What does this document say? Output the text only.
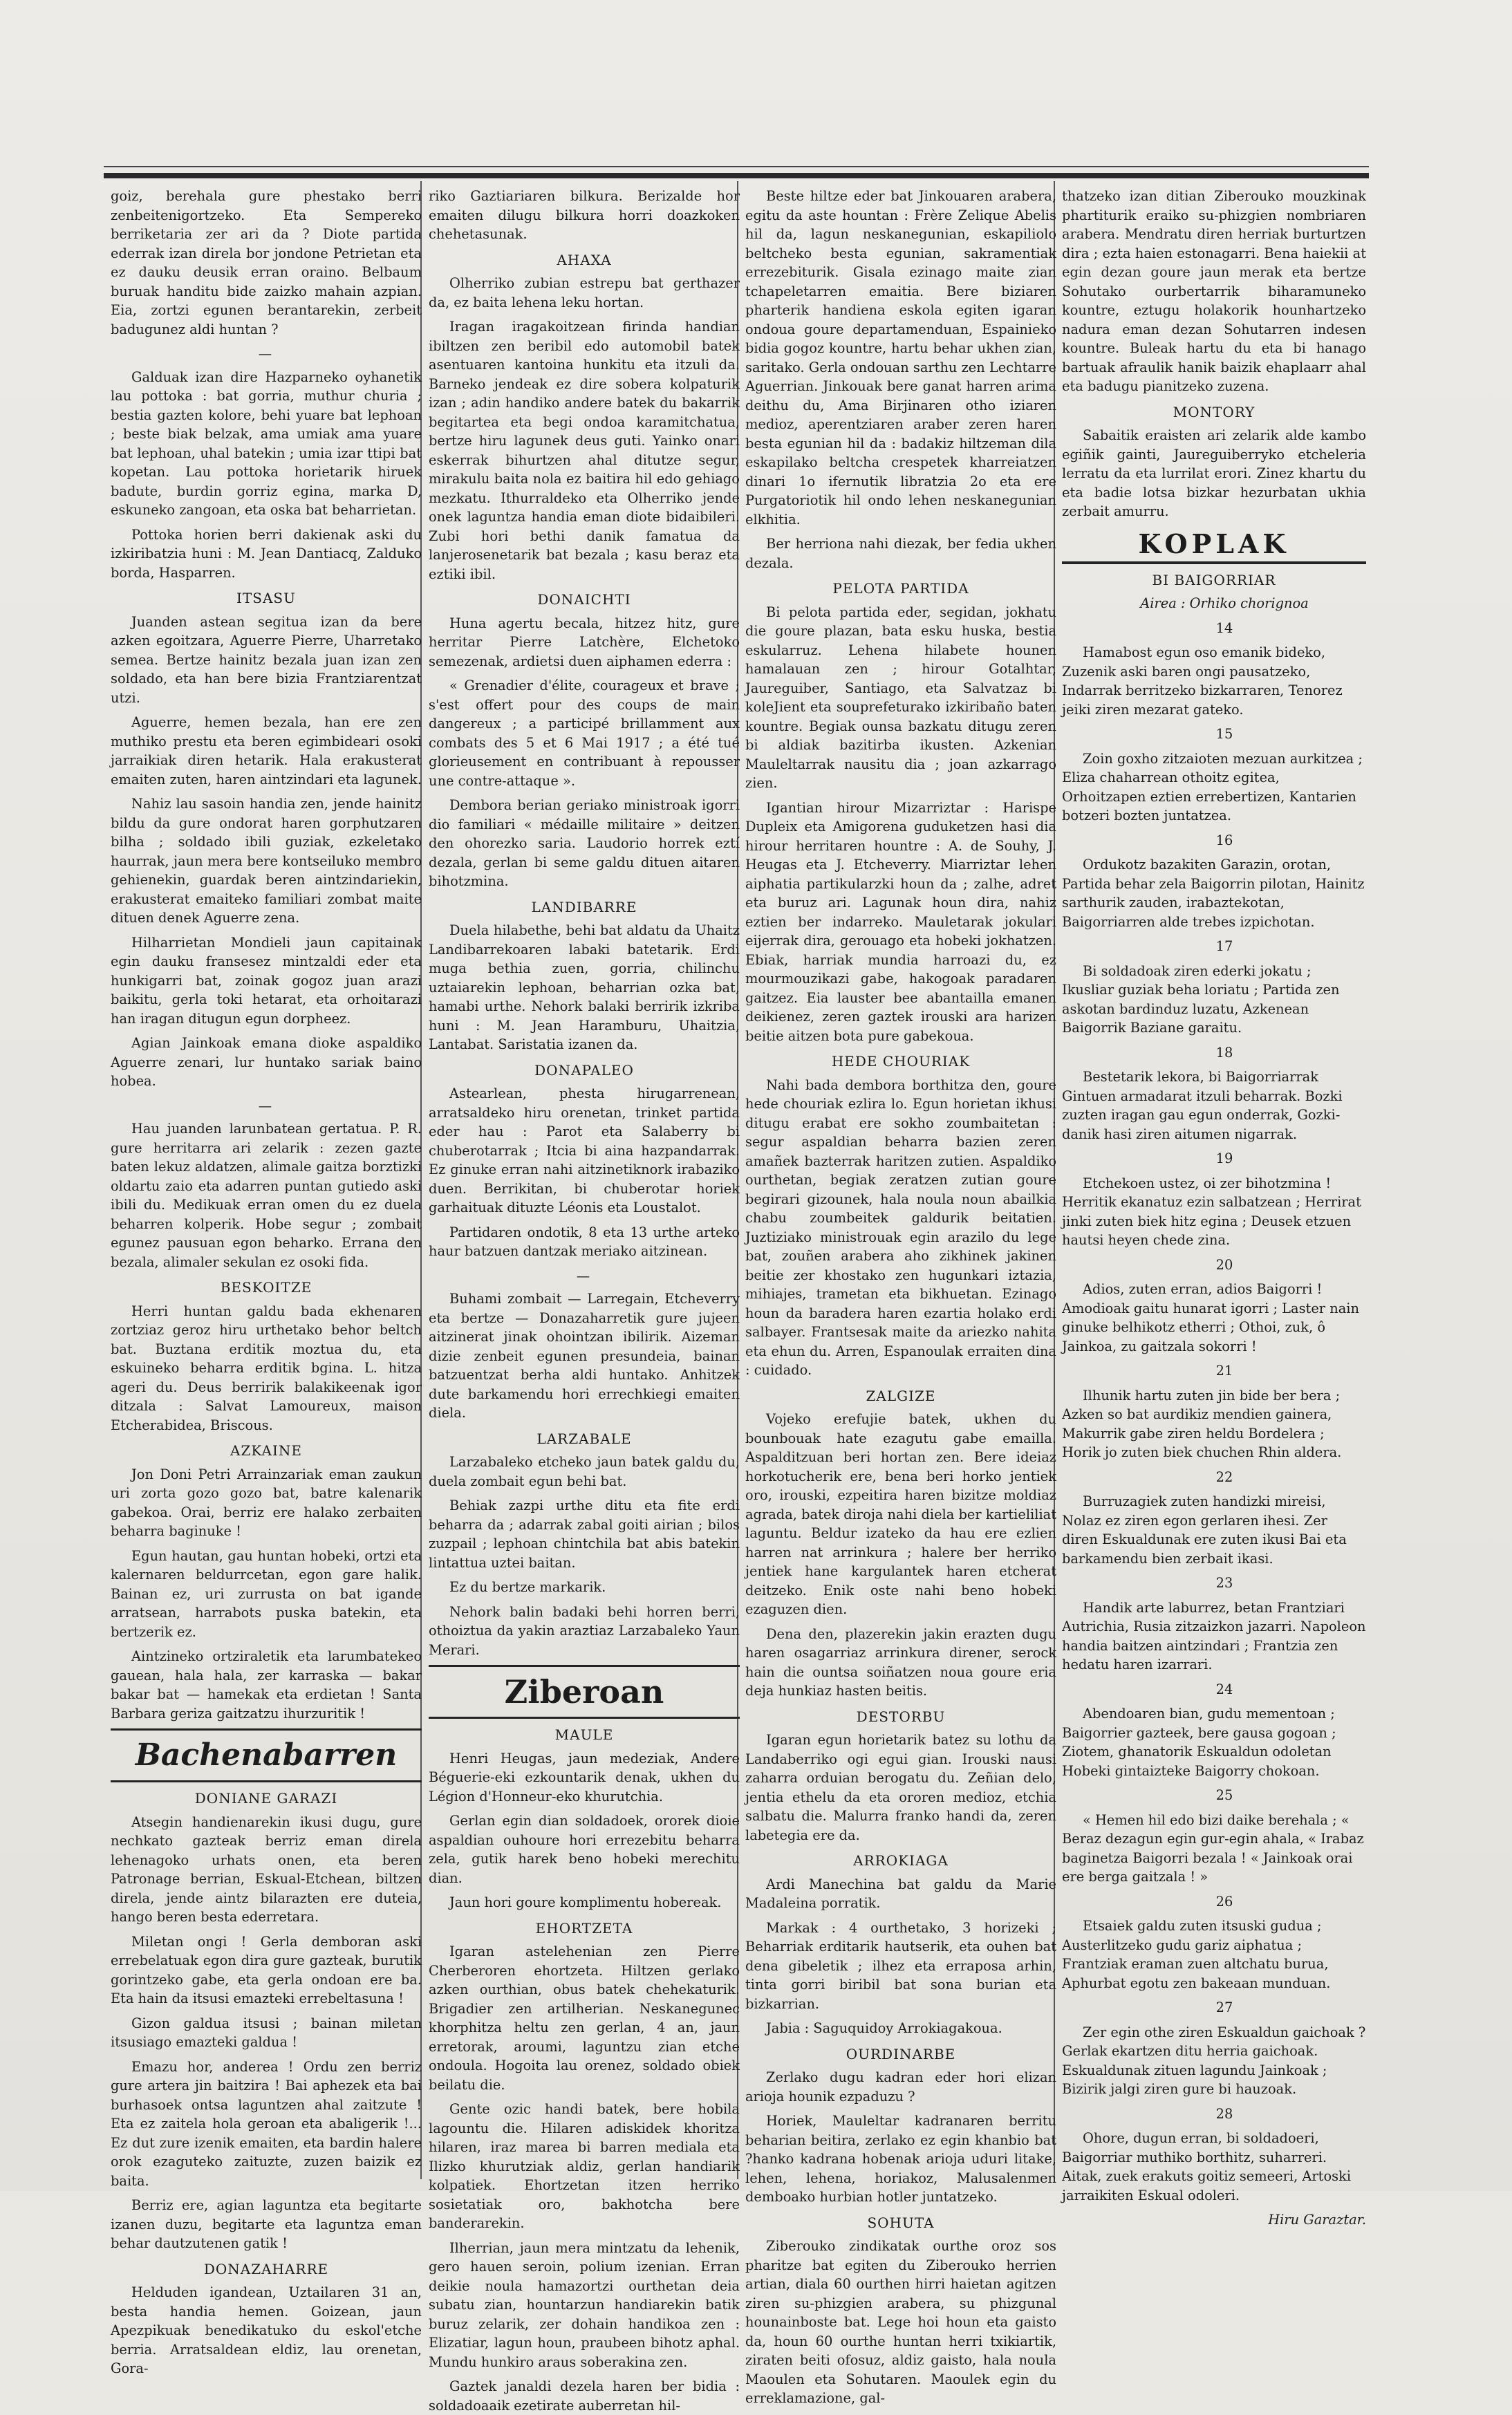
goiz, berehala gure phestako berri zenbeitenigortzeko. Eta Sempereko berriketaria zer ari da ? Diote partida ederrak izan direla bor jondone Petrietan eta ez dauku deusik erran oraino. Belbaum buruak handitu bide zaizko mahain azpian. Eia, zortzi egunen berantarekin, zerbeit badugunez aldi huntan ?

—

Galduak izan dire Hazparneko oyhanetik lau pottoka : bat gorria, muthur churia ; bestia gazten kolore, behi yuare bat lephoan ; beste biak belzak, ama umiak ama yuare bat lephoan, uhal batekin ; umia izar ttipi bat kopetan. Lau pottoka horietarik hiruek badute, burdin gorriz egina, marka D, eskuneko zangoan, eta oska bat beharrietan.

Pottoka horien berri dakienak aski du izkiribatzia huni : M. Jean Dantiacq, Zalduko borda, Hasparren.

ITSASU

Juanden astean segitua izan da bere azken egoitzara, Aguerre Pierre, Uharretako semea. Bertze hainitz bezala juan izan zen soldado, eta han bere bizia Frantziarentzat utzi.

Aguerre, hemen bezala, han ere zen muthiko prestu eta beren egimbideari osoki jarraikiak diren hetarik. Hala erakusterat emaiten zuten, haren aintzindari eta lagunek.

Nahiz lau sasoin handia zen, jende hainitz bildu da gure ondorat haren gorphutzaren bilha ; soldado ibili guziak, ezkeletako haurrak, jaun mera bere kontseiluko membro gehienekin, guardak beren aintzindariekin, erakusterat emaiteko familiari zombat maite dituen denek Aguerre zena.

Hilharrietan Mondieli jaun capitainak egin dauku fransesez mintzaldi eder eta hunkigarri bat, zoinak gogoz juan arazi baikitu, gerla toki hetarat, eta orhoitarazi han iragan ditugun egun dorpheez.

Agian Jainkoak emana dioke aspaldiko Aguerre zenari, lur huntako sariak baino hobea.

—

Hau juanden larunbatean gertatua. P. R. gure herritarra ari zelarik : zezen gazte baten lekuz aldatzen, alimale gaitza borztizki oldartu zaio eta adarren puntan gutiedo aski ibili du. Medikuak erran omen du ez duela beharren kolperik. Hobe segur ; zombait egunez pausuan egon beharko. Errana den bezala, alimaler sekulan ez osoki fida.

BESKOITZE

Herri huntan galdu bada ekhenaren zortziaz geroz hiru urthetako behor beltch bat. Buztana erditik moztua du, eta eskuineko beharra erditik bgina. L. hitza ageri du. Deus berririk balakikeenak igor ditzala : Salvat Lamoureux, maison Etcherabidea, Briscous.

AZKAINE

Jon Doni Petri Arrainzariak eman zaukun uri zorta gozo gozo bat, batre kalenarik gabekoa. Orai, berriz ere halako zerbaiten beharra baginuke !

Egun hautan, gau huntan hobeki, ortzi eta kalernaren beldurrcetan, egon gare halik. Bainan ez, uri zurrusta on bat igande arratsean, harrabots puska batekin, eta bertzerik ez.

Aintzineko ortziraletik eta larumbatekeo gauean, hala hala, zer karraska — bakar bakar bat — hamekak eta erdietan ! Santa Barbara geriza gaitzatzu ihurzuritik !

Bachenabarren
DONIANE GARAZI

Atsegin handienarekin ikusi dugu, gure nechkato gazteak berriz eman direla lehenagoko urhats onen, eta beren Patronage berrian, Eskual-Etchean, biltzen direla, jende aintz bilarazten ere duteia, hango beren besta ederretara.

Miletan ongi ! Gerla demboran aski errebelatuak egon dira gure gazteak, burutik gorintzeko gabe, eta gerla ondoan ere ba. Eta hain da itsusi emazteki errebeltasuna !

Gizon galdua itsusi ; bainan miletan itsusiago emazteki galdua !

Emazu hor, anderea ! Ordu zen berriz gure artera jin baitzira ! Bai aphezek eta bai burhasoek ontsa laguntzen ahal zaitzute ! Eta ez zaitela hola geroan eta abaligerik !... Ez dut zure izenik emaiten, eta bardin halere orok ezaguteko zaituzte, zuzen baizik ez baita.

Berriz ere, agian laguntza eta begitarte izanen duzu, begitarte eta laguntza eman behar dautzutenen gatik !

DONAZAHARRE

Helduden igandean, Uztailaren 31 an, besta handia hemen. Goizean, jaun Apezpikuak benedikatuko du eskol'etche berria. Arratsaldean eldiz, lau orenetan, Gora-

riko Gaztiariaren bilkura. Berizalde hor emaiten dilugu bilkura horri doazkoken chehetasunak.

AHAXA

Olherriko zubian estrepu bat gerthazer da, ez baita lehena leku hortan.

Iragan iragakoitzean firinda handian ibiltzen zen beribil edo automobil batek asentuaren kantoina hunkitu eta itzuli da. Barneko jendeak ez dire sobera kolpaturik izan ; adin handiko andere batek du bakarrik begitartea eta begi ondoa karamitchatua, bertze hiru lagunek deus guti. Yainko onari eskerrak bihurtzen ahal ditutze segur, mirakulu baita nola ez baitira hil edo gehiago mezkatu. Ithurraldeko eta Olherriko jende onek laguntza handia eman diote bidaibileri. Zubi hori bethi danik famatua da lanjerosenetarik bat bezala ; kasu beraz eta eztiki ibil.

DONAICHTI

Huna agertu becala, hitzez hitz, gure herritar Pierre Latchère, Elchetoko semezenak, ardietsi duen aiphamen ederra :

« Grenadier d'élite, courageux et brave ; s'est offert pour des coups de main dangereux ; a participé brillamment aux combats des 5 et 6 Mai 1917 ; a été tué glorieusement en contribuant à repousser une contre-attaque ».

Dembora berian geriako ministroak igorri dio familiari « médaille militaire » deitzen den ohorezko saria. Laudorio horrek eztí dezala, gerlan bi seme galdu dituen aitaren bihotzmina.

LANDIBARRE

Duela hilabethe, behi bat aldatu da Uhaitz Landibarrekoaren labaki batetarik. Erdi muga bethia zuen, gorria, chilinchu uztaiarekin lephoan, beharrian ozka bat, hamabi urthe. Nehork balaki berririk izkriba huni : M. Jean Haramburu, Uhaitzia, Lantabat. Saristatia izanen da.

DONAPALEO

Astearlean, phesta hirugarrenean, arratsaldeko hiru orenetan, trinket partida eder hau : Parot eta Salaberry bi chuberotarrak ; Itcia bi aina hazpandarrak. Ez ginuke erran nahi aitzinetiknork irabaziko duen. Berrikitan, bi chuberotar horiek garhaituak dituzte Léonis eta Loustalot.

Partidaren ondotik, 8 eta 13 urthe arteko haur batzuen dantzak meriako aitzinean.

—

Buhami zombait — Larregain, Etcheverry eta bertze — Donazaharretik gure jujeen aitzinerat jinak ohointzan ibilirik. Aizeman dizie zenbeit egunen presundeia, bainan batzuentzat berha aldi huntako. Anhitzek dute barkamendu hori errechkiegi emaiten diela.

LARZABALE

Larzabaleko etcheko jaun batek galdu du, duela zombait egun behi bat.

Behiak zazpi urthe ditu eta fite erdi beharra da ; adarrak zabal goiti airian ; bilos zuzpail ; lephoan chintchila bat abis batekin lintattua uztei baitan.

Ez du bertze markarik.

Nehork balin badaki behi horren berri, othoiztua da yakin araztiaz Larzabaleko Yaun Merari.

Ziberoan
MAULE

Henri Heugas, jaun medeziak, Andere Béguerie-eki ezkountarik denak, ukhen du Légion d'Honneur-eko khurutchia.

Gerlan egin dian soldadoek, ororek dioie aspaldian ouhoure hori errezebitu beharra zela, gutik harek beno hobeki merechitu dian.

Jaun hori goure komplimentu hobereak.

EHORTZETA

Igaran astelehenian zen Pierre Cherberoren ehortzeta. Hiltzen gerlako azken ourthian, obus batek chehekaturik. Brigadier zen artilherian. Neskanegunec khorphitza heltu zen gerlan, 4 an, jaun erretorak, aroumi, laguntzu zian etche ondoula. Hogoita lau orenez, soldado obiek beilatu die.

Gente ozic handi batek, bere hobila lagountu die. Hilaren adiskidek khoritza hilaren, iraz marea bi barren mediala eta Ilizko khurutziak aldiz, gerlan handiarik kolpatiek. Ehortzetan itzen herriko sosietatiak oro, bakhotcha bere banderarekin.

Ilherrian, jaun mera mintzatu da lehenik, gero hauen seroin, polium izenian. Erran deikie noula hamazortzi ourthetan deia subatu zian, hountarzun handiarekin batik buruz zelarik, zer dohain handikoa zen : Elizatiar, lagun houn, praubeen bihotz aphal. Mundu hunkiro araus soberakina zen.

Gaztek janaldi dezela haren ber bidia : soldadoaaik ezetirate auberretan hil-

Beste hiltze eder bat Jinkouaren arabera, egitu da aste hountan : Frère Zelique Abelis hil da, lagun neskanegunian, eskapiliolo beltcheko besta egunian, sakramentiak errezebiturik. Gisala ezinago maite zian tchapeletarren emaitia. Bere biziaren pharterik handiena eskola egiten igaran ondoua goure departamenduan, Espainieko bidia gogoz kountre, hartu behar ukhen zian, saritako. Gerla ondouan sarthu zen Lechtarre Aguerrian. Jinkouak bere ganat harren arima deithu du, Ama Birjinaren otho iziaren medioz, aperentziaren araber zeren haren besta egunian hil da : badakiz hiltzeman dila eskapilako beltcha crespetek kharreiatzen dinari 1o ifernutik libratzia 2o eta ere Purgatoriotik hil ondo lehen neskanegunian elkhitia.

Ber herriona nahi diezak, ber fedia ukhen dezala.

PELOTA PARTIDA

Bi pelota partida eder, segidan, jokhatu die goure plazan, bata esku huska, bestia eskularruz. Lehena hilabete hounen hamalauan zen ; hirour Gotalhtar, Jaureguiber, Santiago, eta Salvatzaz bi koleJient eta souprefeturako izkiribaño baten kountre. Begiak ounsa bazkatu ditugu zeren bi aldiak bazitirba ikusten. Azkenian Mauleltarrak nausitu dia ; joan azkarrago zien.

Igantian hirour Mizarriztar : Harispe Dupleix eta Amigorena guduketzen hasi dia hirour herritaren hountre : A. de Souhy, J. Heugas eta J. Etcheverry. Miarriztar lehen aiphatia partikularzki houn da ; zalhe, adret eta buruz ari. Lagunak houn dira, nahiz eztien ber indarreko. Mauletarak jokulari eijerrak dira, gerouago eta hobeki jokhatzen. Ebiak, harriak mundia harroazi du, ez mourmouzikazi gabe, hakogoak paradaren gaitzez. Eia lauster bee abantailla emanen deikienez, zeren gaztek irouski ara harizen beitie aitzen bota pure gabekoua.

HEDE CHOURIAK

Nahi bada dembora borthitza den, goure hede chouriak ezlira lo. Egun horietan ikhusi ditugu erabat ere sokho zoumbaitetan : segur aspaldian beharra bazien zeren amañek bazterrak haritzen zutien. Aspaldiko ourthetan, begiak zeratzen zutian goure begirari gizounek, hala noula noun abailkia chabu zoumbeitek galdurik beitatien. Juztiziako ministrouak egin arazilo du lege bat, zouñen arabera aho zikhinek jakinen beitie zer khostako zen hugunkari iztazia, mihiajes, trametan eta bikhuetan. Ezinago houn da baradera haren ezartia holako erdi salbayer. Frantsesak maite da ariezko nahita eta ehun du. Arren, Espanoulak erraiten dina : cuidado.

ZALGIZE

Vojeko erefujie batek, ukhen du bounbouak hate ezagutu gabe emailla. Aspalditzuan beri hortan zen. Bere ideiaz horkotucherik ere, bena beri horko jentiek oro, irouski, ezpeitira haren bizitze moldiaz agrada, batek diroja nahi diela ber kartieliliat laguntu. Beldur izateko da hau ere ezlien harren nat arrinkura ; halere ber herriko jentiek hane kargulantek haren etcherat deitzeko. Enik oste nahi beno hobeki ezaguzen dien.

Dena den, plazerekin jakin erazten dugu haren osagarriaz arrinkura direner, serock hain die ountsa soiñatzen noua goure eria deja hunkiaz hasten beitis.

DESTORBU

Igaran egun horietarik batez su lothu da Landaberriko ogi egui gian. Irouski nausi zaharra orduian berogatu du. Zeñian delo, jentia ethelu da eta ororen medioz, etchia salbatu die. Malurra franko handi da, zeren labetegia ere da.

ARROKIAGA

Ardi Manechina bat galdu da Marie Madaleina porratik.

Markak : 4 ourthetako, 3 horizeki ; Beharriak erditarik hautserik, eta ouhen bat dena gibeletik ; ilhez eta erraposa arhin, tinta gorri biribil bat sona burian eta bizkarrian.

Jabia : Saguquidoy Arrokiagakoua.

OURDINARBE

Zerlako dugu kadran eder hori elizan arioja hounik ezpaduzu ?

Horiek, Mauleltar kadranaren berritu beharian beitira, zerlako ez egin khanbio bat ?hanko kadrana hobenak arioja uduri litake, lehen, lehena, horiakoz, Malusalenmen demboako hurbian hotler juntatzeko.

SOHUTA

Ziberouko zindikatak ourthe oroz sos pharitze bat egiten du Ziberouko herrien artian, diala 60 ourthen hirri haietan agitzen ziren su-phizgien arabera, su phizgunal hounainboste bat. Lege hoi houn eta gaisto da, houn 60 ourthe huntan herri txikiartik, ziraten beiti ofosuz, aldiz gaisto, hala noula Maoulen eta Sohutaren. Maoulek egin du erreklamazione, gal-

thatzeko izan ditian Ziberouko mouzkinak phartiturik eraiko su-phizgien nombriaren arabera. Mendratu diren herriak burturtzen dira ; ezta haien estonagarri. Bena haiekii at egin dezan goure jaun merak eta bertze Sohutako ourbertarrik biharamuneko kountre, eztugu holakorik hounhartzeko nadura eman dezan Sohutarren indesen kountre. Buleak hartu du eta bi hanago bartuak afraulik hanik baizik ehaplaarr ahal eta badugu pianitzeko zuzena.

MONTORY

Sabaitik eraisten ari zelarik alde kambo egiñik gainti, Jaureguiberryko etcheleria lerratu da eta lurrilat erori. Zinez khartu du eta badie lotsa bizkar hezurbatan ukhia zerbait amurru.

KOPLAK
BI BAIGORRIAR

Airea : Orhiko chorignoa

14

Hamabost egun oso emanik bideko, Zuzenik aski baren ongi pausatzeko, Indarrak berritzeko bizkarraren, Tenorez jeiki ziren mezarat gateko.

15

Zoin goxho zitzaioten mezuan aurkitzea ; Eliza chaharrean othoitz egitea, Orhoitzapen eztien errebertizen, Kantarien botzeri bozten juntatzea.

16

Ordukotz bazakiten Garazin, orotan, Partida behar zela Baigorrin pilotan, Hainitz sarthurik zauden, irabaztekotan, Baigorriarren alde trebes izpichotan.

17

Bi soldadoak ziren ederki jokatu ; Ikusliar guziak beha loriatu ; Partida zen askotan bardinduz luzatu, Azkenean Baigorrik Baziane garaitu.

18

Bestetarik lekora, bi Baigorriarrak Gintuen armadarat itzuli beharrak. Bozki zuzten iragan gau egun onderrak, Gozki-danik hasi ziren aitumen nigarrak.

19

Etchekoen ustez, oi zer bihotzmina ! Herritik ekanatuz ezin salbatzean ; Herrirat jinki zuten biek hitz egina ; Deusek etzuen hautsi heyen chede zina.

20

Adios, zuten erran, adios Baigorri ! Amodioak gaitu hunarat igorri ; Laster nain ginuke belhikotz etherri ; Othoi, zuk, ô Jainkoa, zu gaitzala sokorri !

21

Ilhunik hartu zuten jin bide ber bera ; Azken so bat aurdikiz mendien gainera, Makurrik gabe ziren heldu Bordelera ; Horik jo zuten biek chuchen Rhin aldera.

22

Burruzagiek zuten handizki mireisi, Nolaz ez ziren egon gerlaren ihesi. Zer diren Eskualdunak ere zuten ikusi Bai eta barkamendu bien zerbait ikasi.

23

Handik arte laburrez, betan Frantziari Autrichia, Rusia zitzaizkon jazarri. Napoleon handia baitzen aintzindari ; Frantzia zen hedatu haren izarrari.

24

Abendoaren bian, gudu mementoan ; Baigorrier gazteek, bere gausa gogoan ; Ziotem, ghanatorik Eskualdun odoletan Hobeki gintaizteke Baigorry chokoan.

25

« Hemen hil edo bizi daike berehala ; « Beraz dezagun egin gur-egin ahala, « Irabaz baginetza Baigorri bezala ! « Jainkoak orai ere berga gaitzala ! »

26

Etsaiek galdu zuten itsuski gudua ; Austerlitzeko gudu gariz aiphatua ; Frantziak eraman zuen altchatu burua, Aphurbat egotu zen bakeaan munduan.

27

Zer egin othe ziren Eskualdun gaichoak ? Gerlak ekartzen ditu herria gaichoak. Eskualdunak zituen lagundu Jainkoak ; Bizirik jalgi ziren gure bi hauzoak.

28

Ohore, dugun erran, bi soldadoeri, Baigorriar muthiko borthitz, suharreri. Aitak, zuek erakuts goitiz semeeri, Artoski jarraikiten Eskual odoleri.

Hiru Garaztar.
